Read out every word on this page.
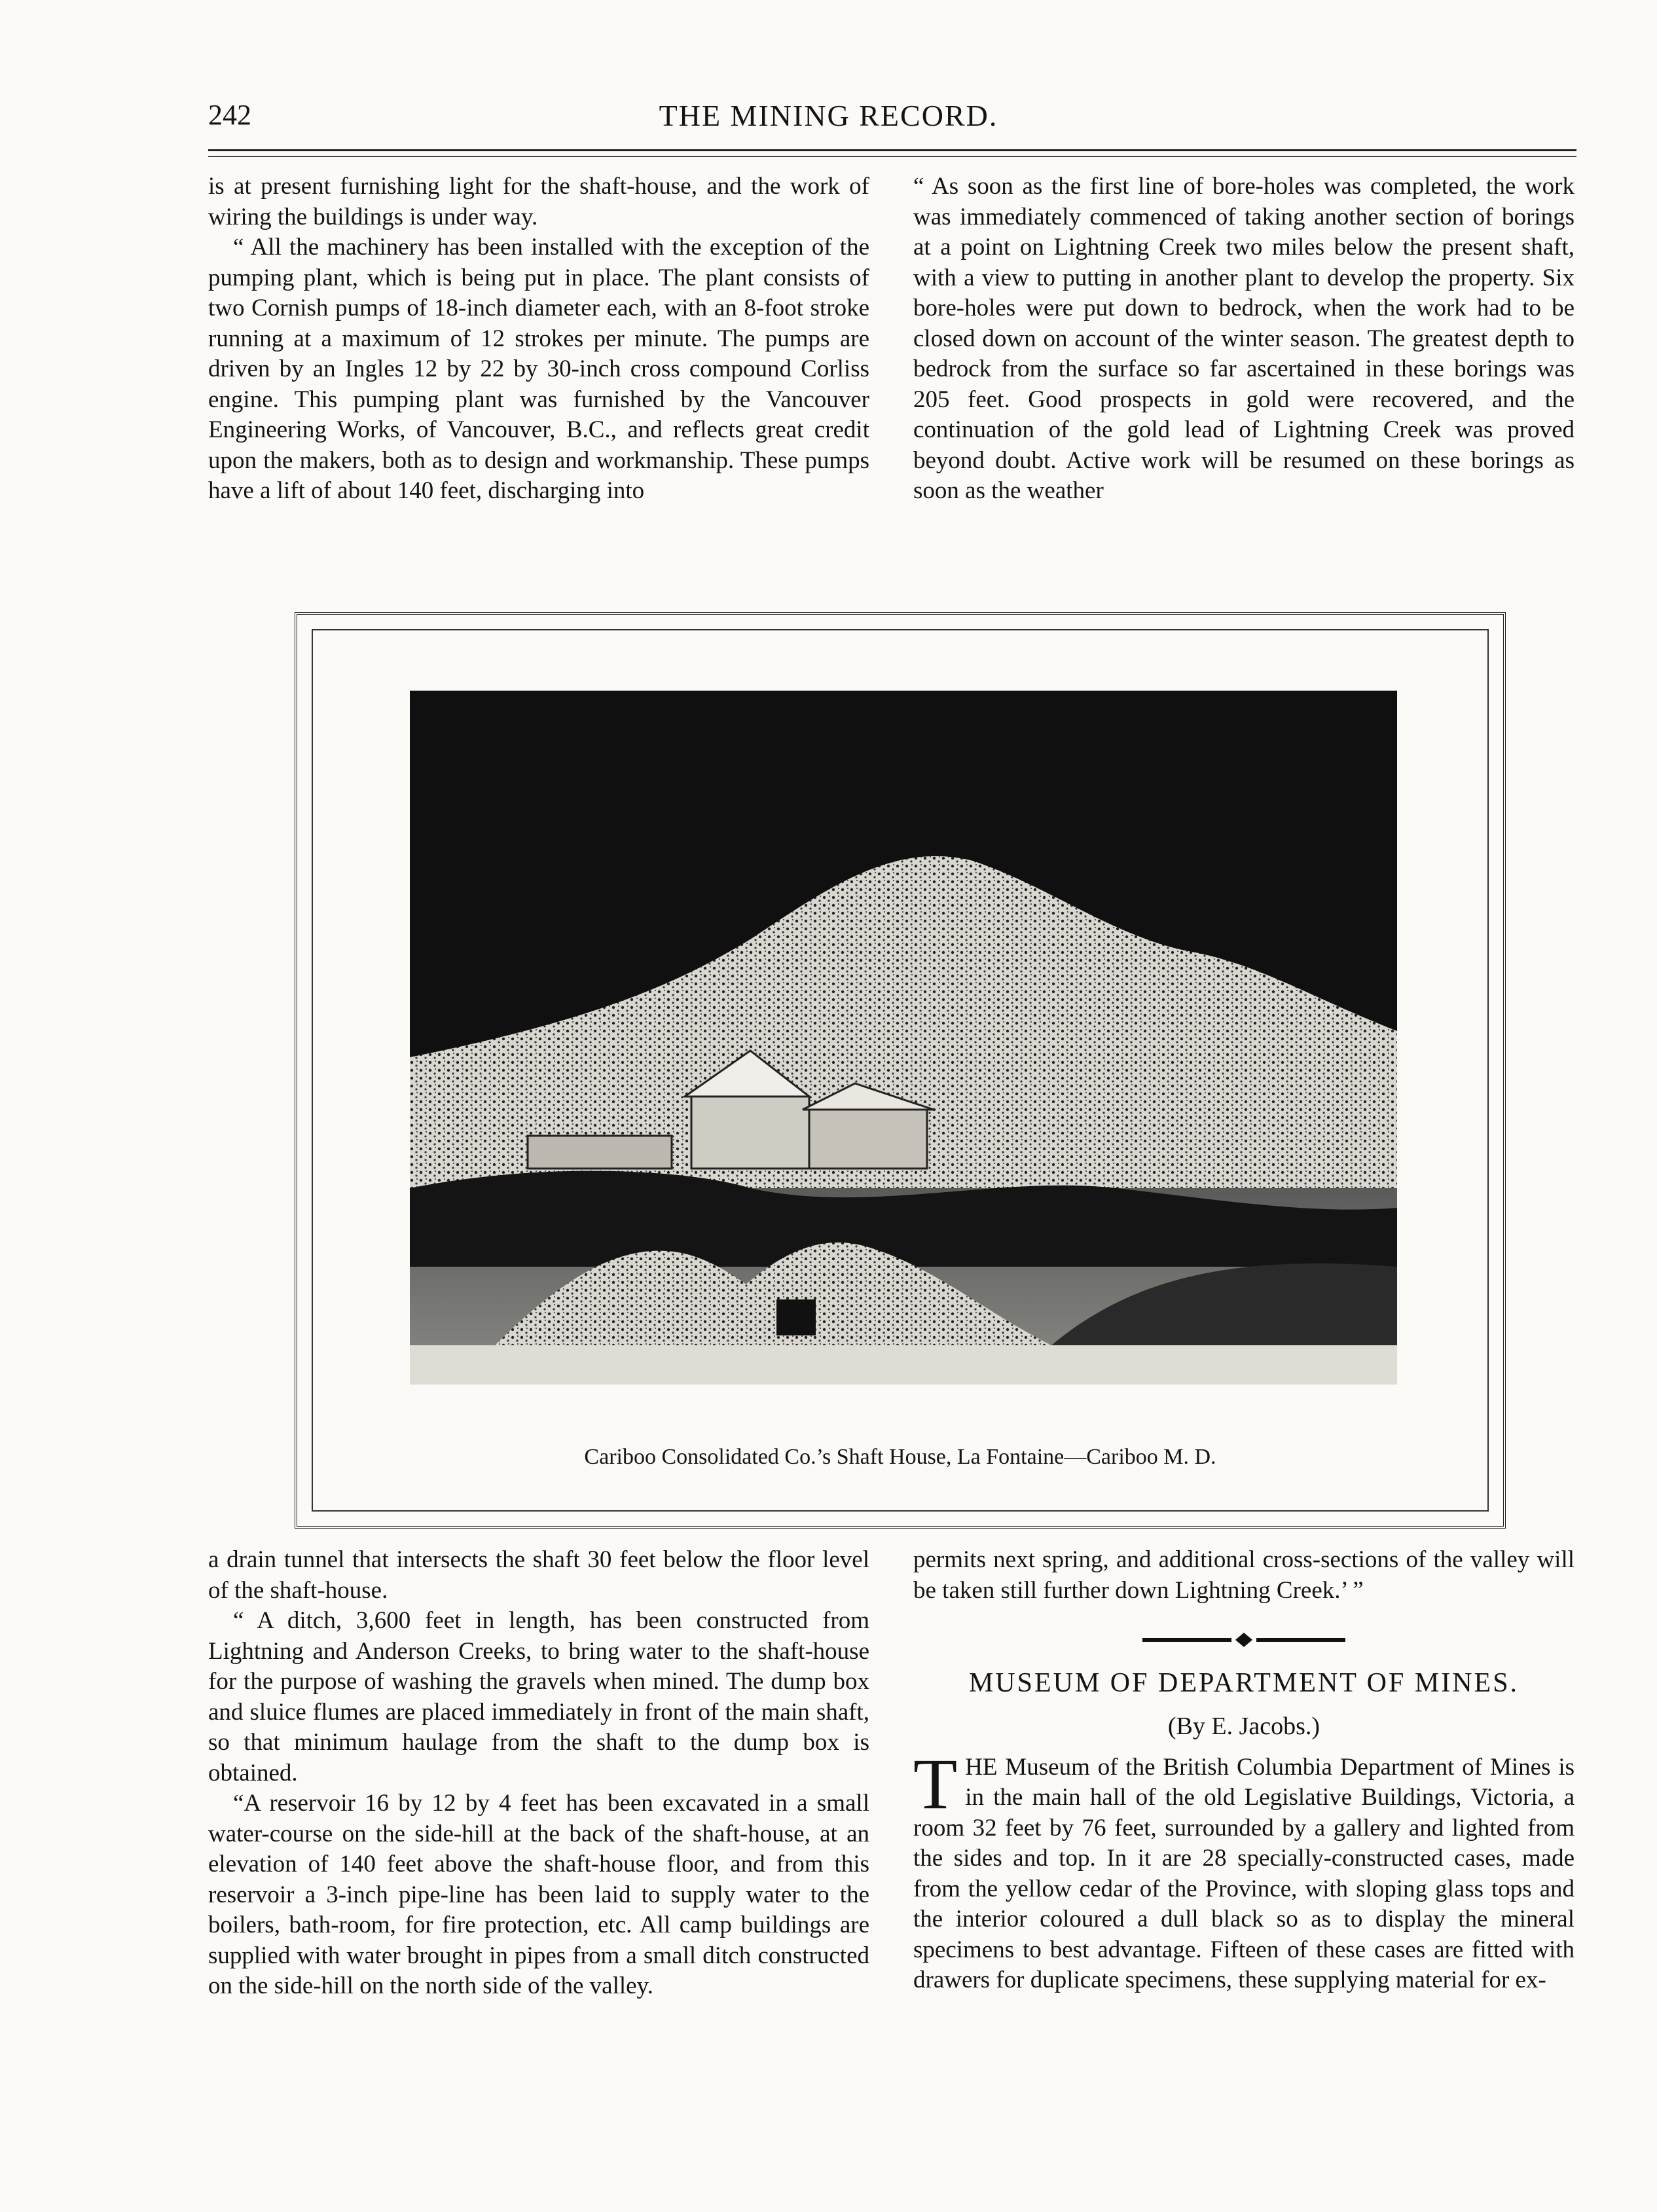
242	THE MINING RECORD.

is at present furnishing light for the shaft-house, and the work of wiring the buildings is under way.

“ All the machinery has been installed with the exception of the pumping plant, which is being put in place. The plant consists of two Cornish pumps of 18-inch diameter each, with an 8-foot stroke running at a maximum of 12 strokes per minute. The pumps are driven by an Ingles 12 by 22 by 30-inch cross compound Corliss engine. This pumping plant was furnished by the Vancouver Engineering Works, of Vancouver, B.C., and reflects great credit upon the makers, both as to design and workmanship. These pumps have a lift of about 140 feet, discharging into

“ As soon as the first line of bore-holes was completed, the work was immediately commenced of taking another section of borings at a point on Lightning Creek two miles below the present shaft, with a view to putting in another plant to develop the property. Six bore-holes were put down to bedrock, when the work had to be closed down on account of the winter season. The greatest depth to bedrock from the surface so far ascertained in these borings was 205 feet. Good prospects in gold were recovered, and the continuation of the gold lead of Lightning Creek was proved beyond doubt. Active work will be resumed on these borings as soon as the weather

Cariboo Consolidated Co.’s Shaft House, La Fontaine—Cariboo M. D.

a drain tunnel that intersects the shaft 30 feet below the floor level of the shaft-house.

“ A ditch, 3,600 feet in length, has been constructed from Lightning and Anderson Creeks, to bring water to the shaft-house for the purpose of washing the gravels when mined. The dump box and sluice flumes are placed immediately in front of the main shaft, so that minimum haulage from the shaft to the dump box is obtained.

“A reservoir 16 by 12 by 4 feet has been excavated in a small water-course on the side-hill at the back of the shaft-house, at an elevation of 140 feet above the shaft-house floor, and from this reservoir a 3-inch pipe-line has been laid to supply water to the boilers, bath-room, for fire protection, etc. All camp buildings are supplied with water brought in pipes from a small ditch constructed on the side-hill on the north side of the valley.

permits next spring, and additional cross-sections of the valley will be taken still further down Lightning Creek.’ ”

MUSEUM OF DEPARTMENT OF MINES.
(By E. Jacobs.)
THE Museum of the British Columbia Department of Mines is in the main hall of the old Legislative Buildings, Victoria, a room 32 feet by 76 feet, surrounded by a gallery and lighted from the sides and top. In it are 28 specially-constructed cases, made from the yellow cedar of the Province, with sloping glass tops and the interior coloured a dull black so as to display the mineral specimens to best advantage. Fifteen of these cases are fitted with drawers for duplicate specimens, these supplying material for ex-
